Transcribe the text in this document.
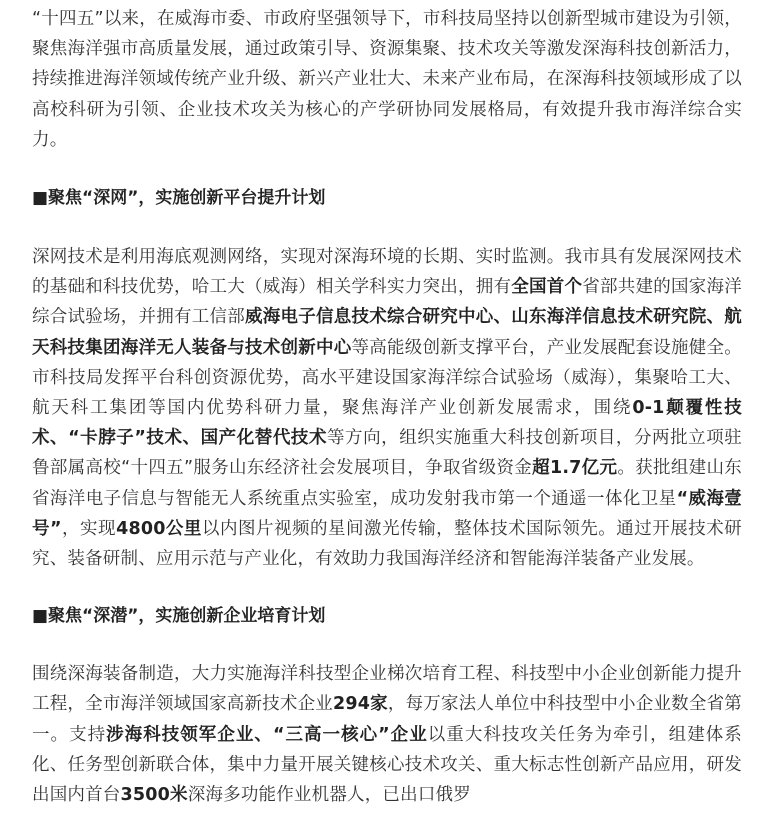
“十四五”以来，在威海市委、市政府坚强领导下，市科技局坚持以创新型城市建设为引领，聚焦海洋强市高质量发展，通过政策引导、资源集聚、技术攻关等激发深海科技创新活力，持续推进海洋领域传统产业升级、新兴产业壮大、未来产业布局，在深海科技领域形成了以高校科研为引领、企业技术攻关为核心的产学研协同发展格局，有效提升我市海洋综合实力。

■聚焦“深网”，实施创新平台提升计划

深网技术是利用海底观测网络，实现对深海环境的长期、实时监测。我市具有发展深网技术的基础和科技优势，哈工大（威海）相关学科实力突出，拥有全国首个省部共建的国家海洋综合试验场，并拥有工信部威海电子信息技术综合研究中心、山东海洋信息技术研究院、航天科技集团海洋无人装备与技术创新中心等高能级创新支撑平台，产业发展配套设施健全。市科技局发挥平台科创资源优势，高水平建设国家海洋综合试验场（威海），集聚哈工大、航天科工集团等国内优势科研力量，聚焦海洋产业创新发展需求，围绕0-1颠覆性技术、“卡脖子”技术、国产化替代技术等方向，组织实施重大科技创新项目，分两批立项驻鲁部属高校“十四五”服务山东经济社会发展项目，争取省级资金超1.7亿元。获批组建山东省海洋电子信息与智能无人系统重点实验室，成功发射我市第一个通遥一体化卫星“威海壹号”，实现4800公里以内图片视频的星间激光传输，整体技术国际领先。通过开展技术研究、装备研制、应用示范与产业化，有效助力我国海洋经济和智能海洋装备产业发展。

■聚焦“深潜”，实施创新企业培育计划

围绕深海装备制造，大力实施海洋科技型企业梯次培育工程、科技型中小企业创新能力提升工程，全市海洋领域国家高新技术企业294家，每万家法人单位中科技型中小企业数全省第一。支持涉海科技领军企业、“三高一核心”企业以重大科技攻关任务为牵引，组建体系化、任务型创新联合体，集中力量开展关键核心技术攻关、重大标志性创新产品应用，研发出国内首台3500米深海多功能作业机器人，已出口俄罗
